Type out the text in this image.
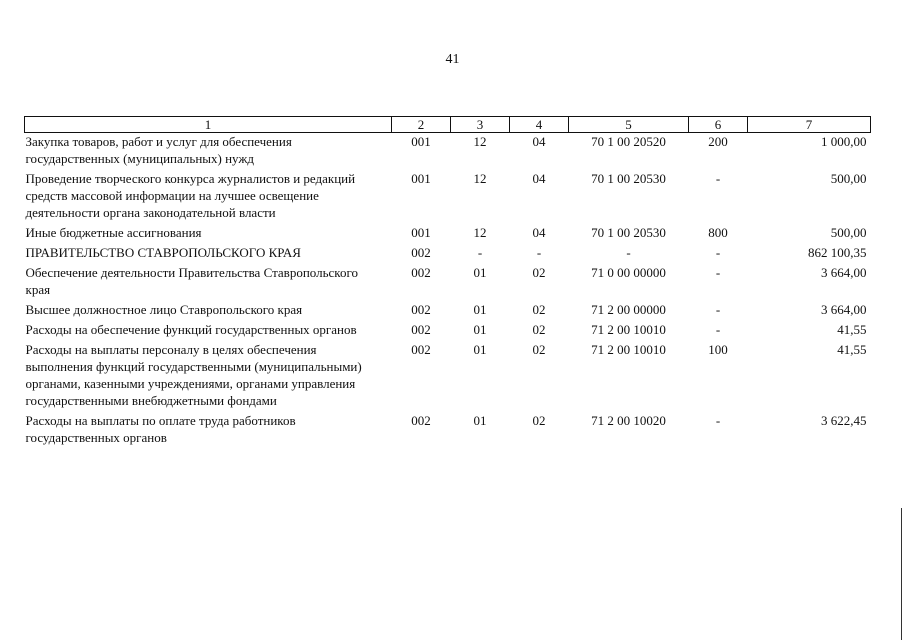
41
1	2	3	4	5	6	7
Закупка товаров, работ и услуг для обеспечения государственных (муниципальных) нужд	001	12	04	70 1 00 20520	200	1 000,00
Проведение творческого конкурса журналистов и редакций средств массовой информации на лучшее освещение деятельности органа законодательной власти	001	12	04	70 1 00 20530	-	500,00
Иные бюджетные ассигнования	001	12	04	70 1 00 20530	800	500,00
ПРАВИТЕЛЬСТВО СТАВРОПОЛЬСКОГО КРАЯ	002	-	-	-	-	862 100,35
Обеспечение деятельности Правительства Ставропольского края	002	01	02	71 0 00 00000	-	3 664,00
Высшее должностное лицо Ставропольского края	002	01	02	71 2 00 00000	-	3 664,00
Расходы на обеспечение функций государственных органов	002	01	02	71 2 00 10010	-	41,55
Расходы на выплаты персоналу в целях обеспечения выполнения функций государственными (муниципальными) органами, казенными учреждениями, органами управления государственными внебюджетными фондами	002	01	02	71 2 00 10010	100	41,55
Расходы на выплаты по оплате труда работников государственных органов	002	01	02	71 2 00 10020	-	3 622,45
